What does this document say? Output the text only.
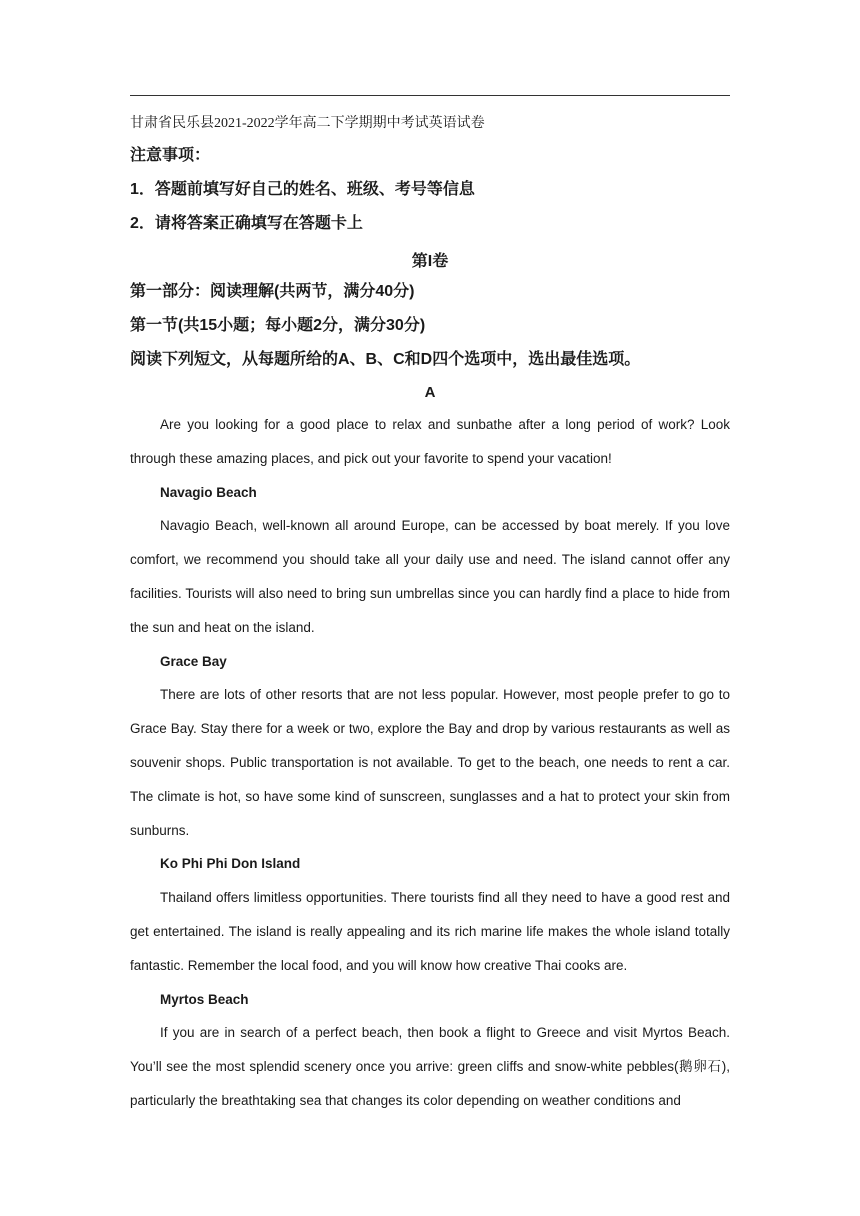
甘肃省民乐县2021-2022学年高二下学期期中考试英语试卷
注意事项：
1．答题前填写好自己的姓名、班级、考号等信息
2．请将答案正确填写在答题卡上
第I卷
第一部分：阅读理解(共两节，满分40分)
第一节(共15小题；每小题2分，满分30分)
阅读下列短文，从每题所给的A、B、C和D四个选项中，选出最佳选项。
A

Are you looking for a good place to relax and sunbathe after a long period of work? Look through these amazing places, and pick out your favorite to spend your vacation!

Navagio Beach

Navagio Beach, well-known all around Europe, can be accessed by boat merely. If you love comfort, we recommend you should take all your daily use and need. The island cannot offer any facilities. Tourists will also need to bring sun umbrellas since you can hardly find a place to hide from the sun and heat on the island.

Grace Bay

There are lots of other resorts that are not less popular. However, most people prefer to go to Grace Bay. Stay there for a week or two, explore the Bay and drop by various restaurants as well as souvenir shops. Public transportation is not available. To get to the beach, one needs to rent a car. The climate is hot, so have some kind of sunscreen, sunglasses and a hat to protect your skin from sunburns.

Ko Phi Phi Don Island

Thailand offers limitless opportunities. There tourists find all they need to have a good rest and get entertained. The island is really appealing and its rich marine life makes the whole island totally fantastic. Remember the local food, and you will know how creative Thai cooks are.

Myrtos Beach

If you are in search of a perfect beach, then book a flight to Greece and visit Myrtos Beach. You’ll see the most splendid scenery once you arrive: green cliffs and snow-white pebbles(鹅卵石), particularly the breathtaking sea that changes its color depending on weather conditions and
